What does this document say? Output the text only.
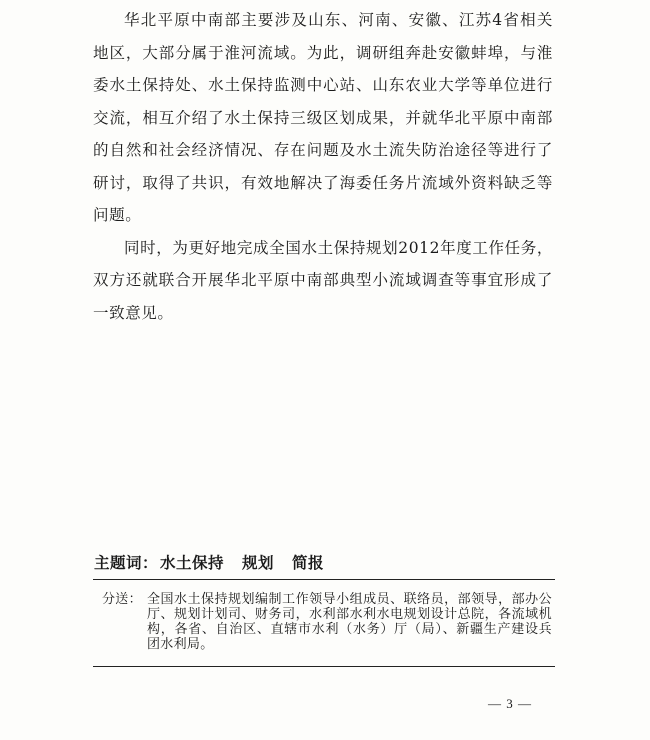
华北平原中南部主要涉及山东、河南、安徽、江苏4省相关地区，大部分属于淮河流域。为此，调研组奔赴安徽蚌埠，与淮委水土保持处、水土保持监测中心站、山东农业大学等单位进行交流，相互介绍了水土保持三级区划成果，并就华北平原中南部的自然和社会经济情况、存在问题及水土流失防治途径等进行了研讨，取得了共识，有效地解决了海委任务片流域外资料缺乏等问题。

同时，为更好地完成全国水土保持规划2012年度工作任务，双方还就联合开展华北平原中南部典型小流域调查等事宜形成了一致意见。

主题词： 水土保持 规划 简报
分送： 全国水土保持规划编制工作领导小组成员、联络员，部领导，部办公厅、规划计划司、财务司，水利部水利水电规划设计总院，各流域机构，各省、自治区、直辖市水利（水务）厅（局）、新疆生产建设兵团水利局。
— 3 —
